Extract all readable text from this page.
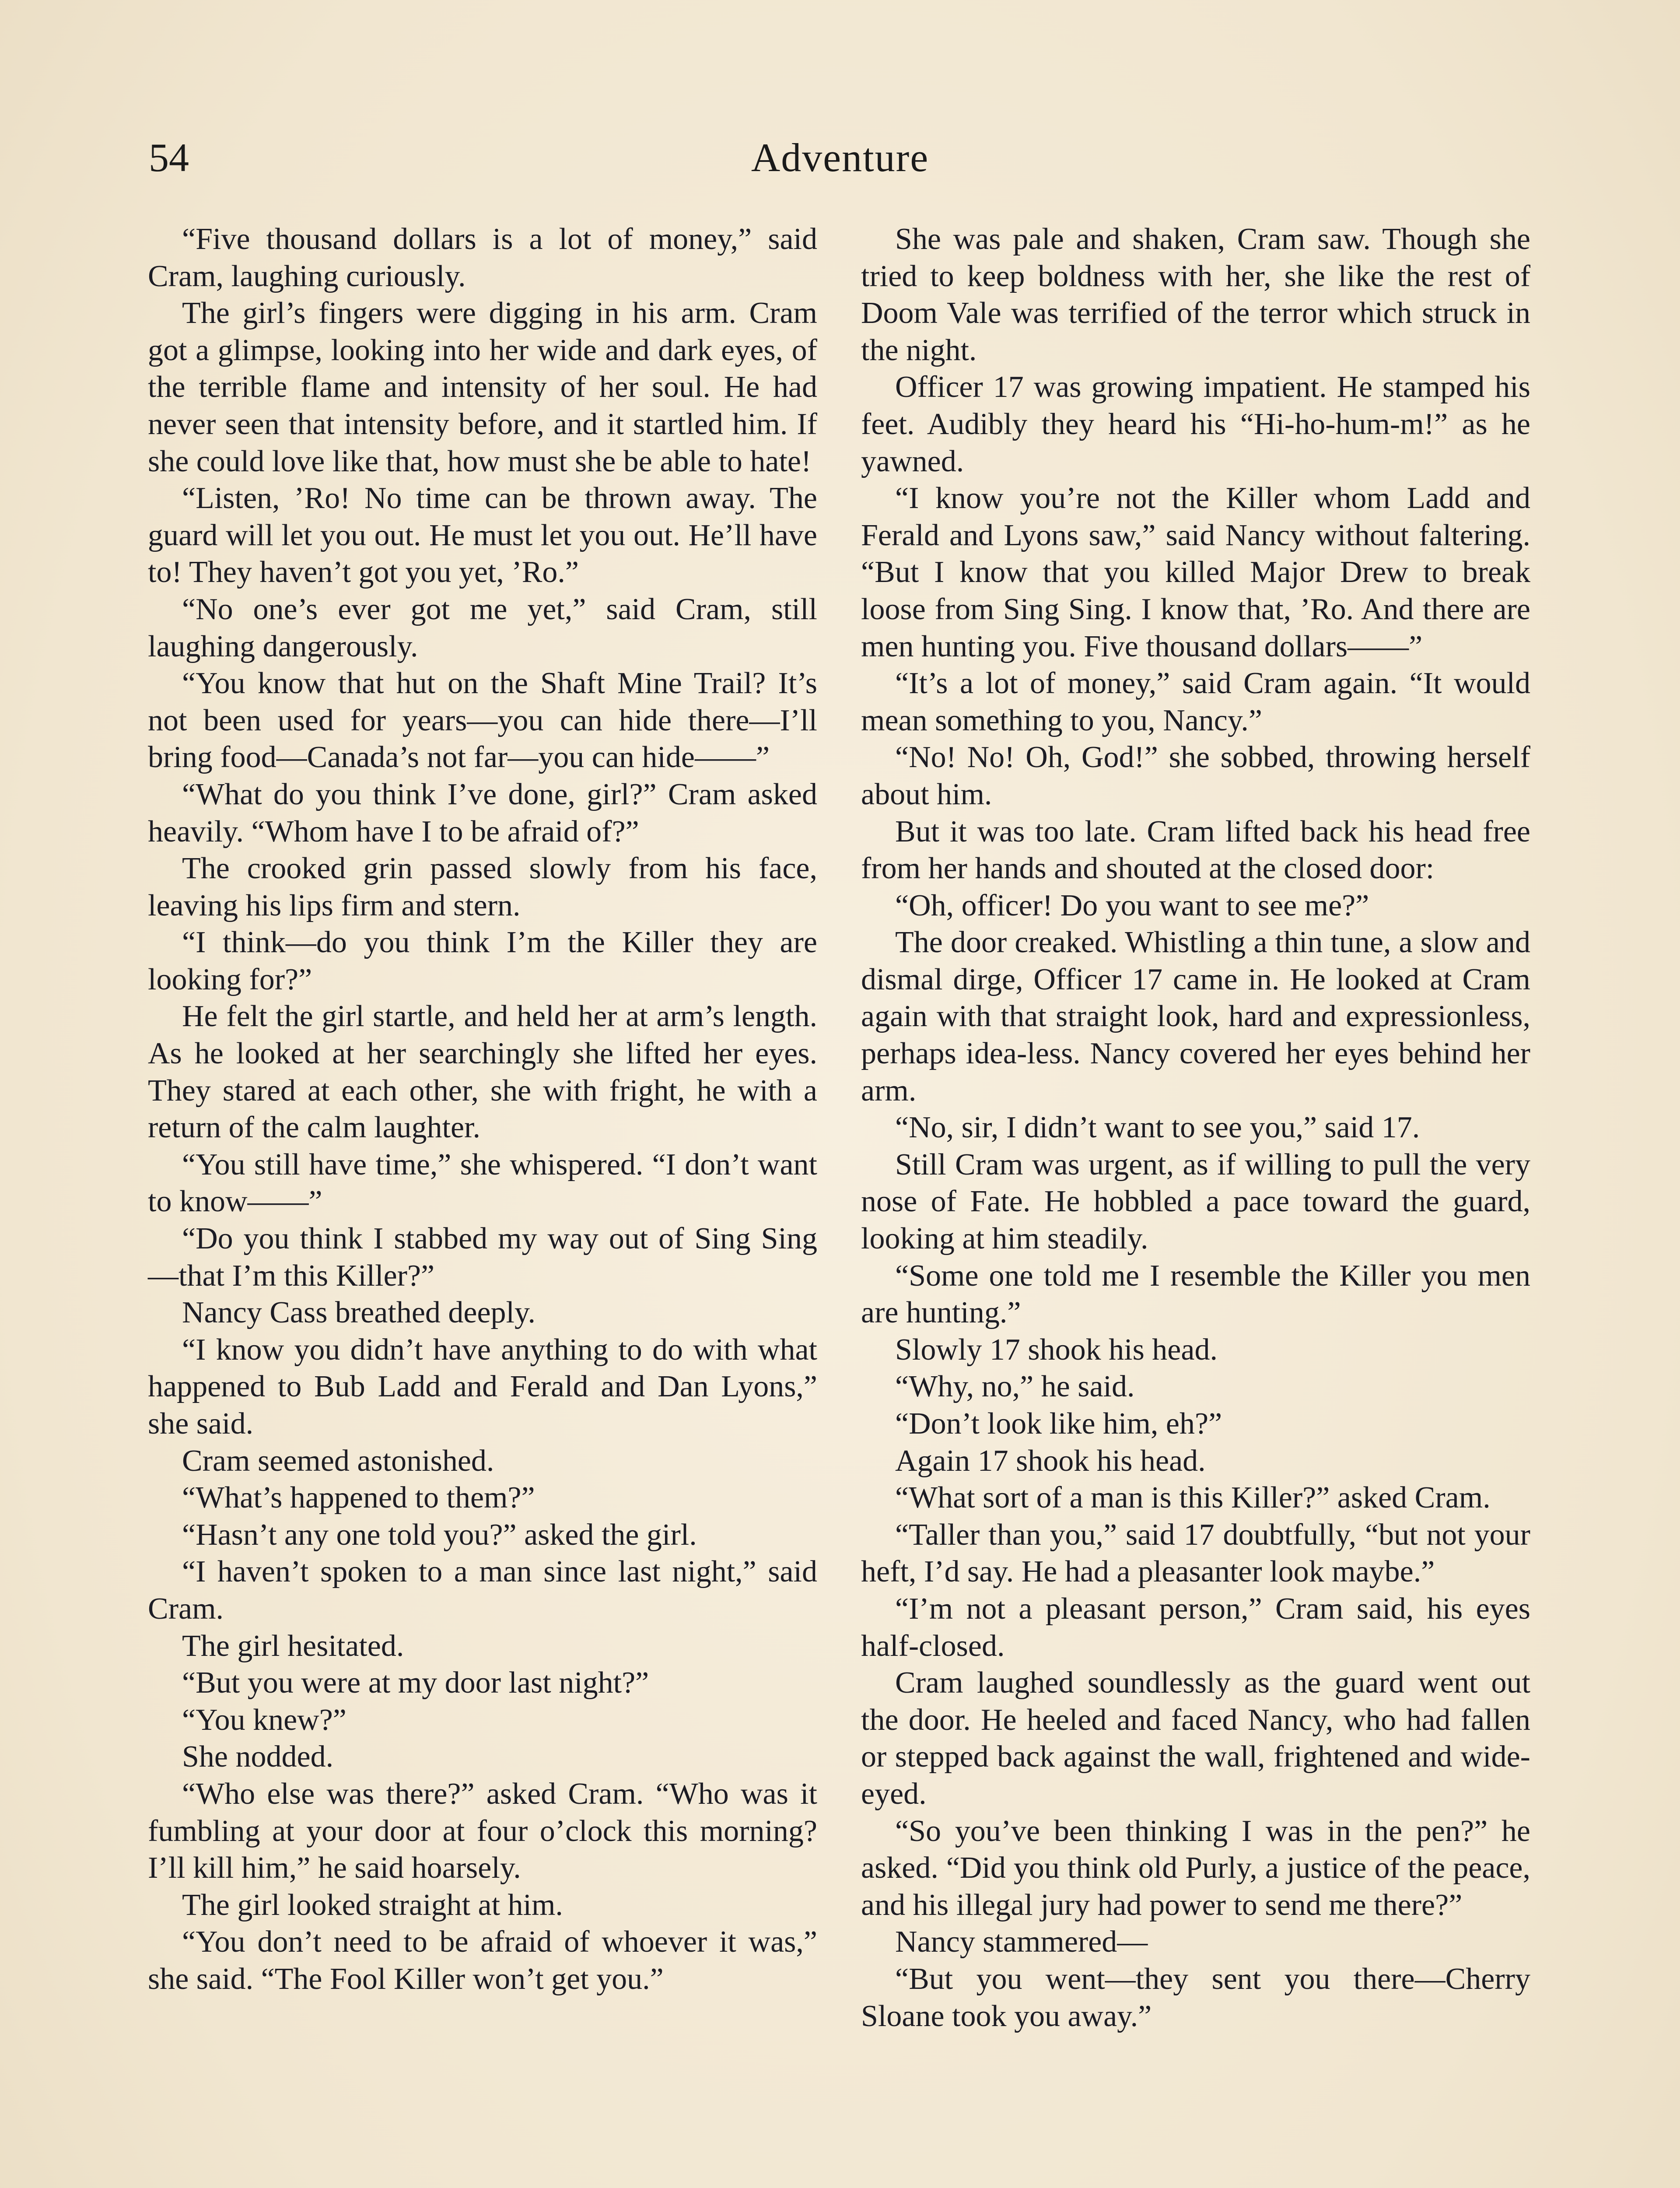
54	Adventure

“Five thousand dollars is a lot of money,” said Cram, laughing curiously.

The girl’s fingers were digging in his arm. Cram got a glimpse, looking into her wide and dark eyes, of the terrible flame and intensity of her soul. He had never seen that intensity before, and it startled him. If she could love like that, how must she be able to hate!

“Listen, ’Ro! No time can be thrown away. The guard will let you out. He must let you out. He’ll have to! They haven’t got you yet, ’Ro.”

“No one’s ever got me yet,” said Cram, still laughing dangerously.

“You know that hut on the Shaft Mine Trail? It’s not been used for years—you can hide there—I’ll bring food—Canada’s not far—you can hide——”

“What do you think I’ve done, girl?” Cram asked heavily. “Whom have I to be afraid of?”

The crooked grin passed slowly from his face, leaving his lips firm and stern.

“I think—do you think I’m the Killer they are looking for?”

He felt the girl startle, and held her at arm’s length. As he looked at her searchingly she lifted her eyes. They stared at each other, she with fright, he with a return of the calm laughter.

“You still have time,” she whispered. “I don’t want to know——”

“Do you think I stabbed my way out of Sing Sing—that I’m this Killer?”

Nancy Cass breathed deeply.

“I know you didn’t have anything to do with what happened to Bub Ladd and Ferald and Dan Lyons,” she said.

Cram seemed astonished.

“What’s happened to them?”

“Hasn’t any one told you?” asked the girl.

“I haven’t spoken to a man since last night,” said Cram.

The girl hesitated.

“But you were at my door last night?”

“You knew?”

She nodded.

“Who else was there?” asked Cram. “Who was it fumbling at your door at four o’clock this morning? I’ll kill him,” he said hoarsely.

The girl looked straight at him.

“You don’t need to be afraid of whoever it was,” she said. “The Fool Killer won’t get you.”

She was pale and shaken, Cram saw. Though she tried to keep boldness with her, she like the rest of Doom Vale was terrified of the terror which struck in the night.

Officer 17 was growing impatient. He stamped his feet. Audibly they heard his “Hi-ho-hum-m!” as he yawned.

“I know you’re not the Killer whom Ladd and Ferald and Lyons saw,” said Nancy without faltering. “But I know that you killed Major Drew to break loose from Sing Sing. I know that, ’Ro. And there are men hunting you. Five thousand dollars——”

“It’s a lot of money,” said Cram again. “It would mean something to you, Nancy.”

“No! No! Oh, God!” she sobbed, throwing herself about him.

But it was too late. Cram lifted back his head free from her hands and shouted at the closed door:

“Oh, officer! Do you want to see me?”

The door creaked. Whistling a thin tune, a slow and dismal dirge, Officer 17 came in. He looked at Cram again with that straight look, hard and expressionless, perhaps idea-less. Nancy covered her eyes behind her arm.

“No, sir, I didn’t want to see you,” said 17.

Still Cram was urgent, as if willing to pull the very nose of Fate. He hobbled a pace toward the guard, looking at him steadily.

“Some one told me I resemble the Killer you men are hunting.”

Slowly 17 shook his head.

“Why, no,” he said.

“Don’t look like him, eh?”

Again 17 shook his head.

“What sort of a man is this Killer?” asked Cram.

“Taller than you,” said 17 doubtfully, “but not your heft, I’d say. He had a pleasanter look maybe.”

“I’m not a pleasant person,” Cram said, his eyes half-closed.

Cram laughed soundlessly as the guard went out the door. He heeled and faced Nancy, who had fallen or stepped back against the wall, frightened and wide-eyed.

“So you’ve been thinking I was in the pen?” he asked. “Did you think old Purly, a justice of the peace, and his illegal jury had power to send me there?”

Nancy stammered—

“But you went—they sent you there—Cherry Sloane took you away.”
